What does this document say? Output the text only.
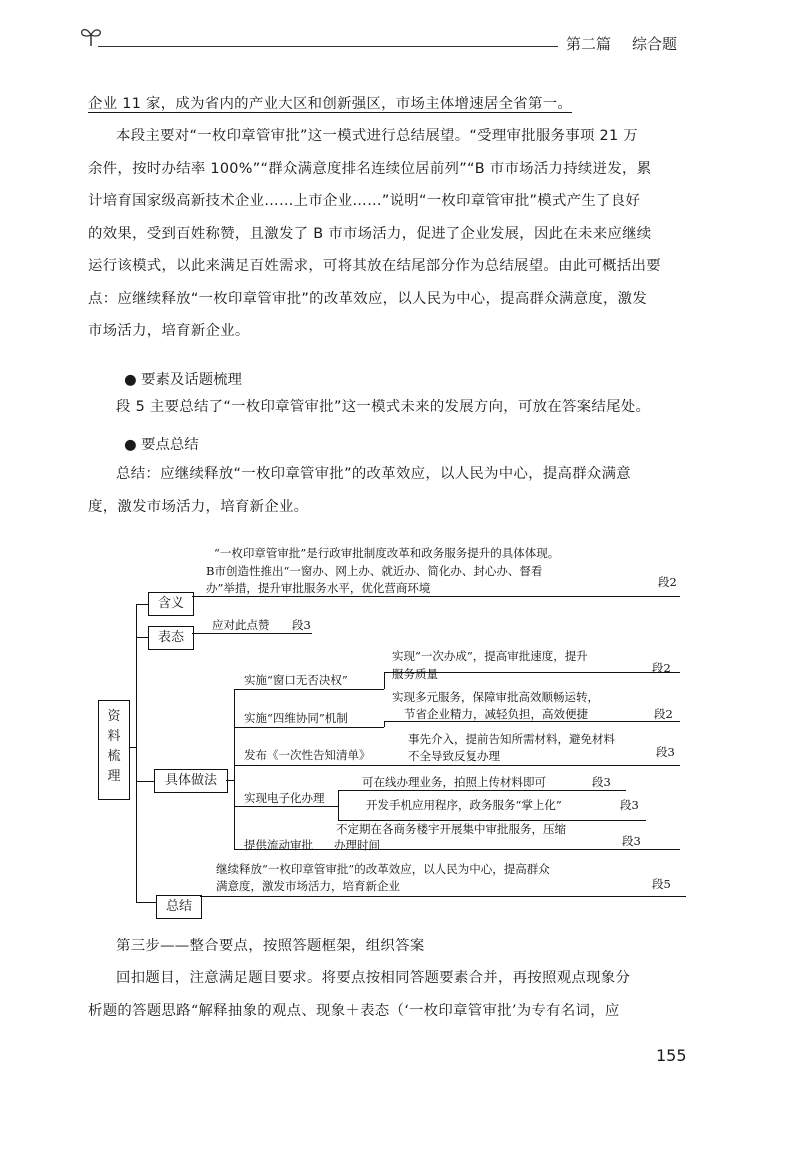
第二篇 综合题
企业 11 家，成为省内的产业大区和创新强区，市场主体增速居全省第一。
本段主要对“一枚印章管审批”这一模式进行总结展望。“受理审批服务事项 21 万
余件，按时办结率 100%”“群众满意度排名连续位居前列”“B 市市场活力持续迸发，累
计培育国家级高新技术企业……上市企业……”说明“一枚印章管审批”模式产生了良好
的效果，受到百姓称赞，且激发了 B 市市场活力，促进了企业发展，因此在未来应继续
运行该模式，以此来满足百姓需求，可将其放在结尾部分作为总结展望。由此可概括出要
点：应继续释放“一枚印章管审批”的改革效应，以人民为中心，提高群众满意度，激发
市场活力，培育新企业。
● 要素及话题梳理
段 5 主要总结了“一枚印章管审批”这一模式未来的发展方向，可放在答案结尾处。
● 要点总结
总结：应继续释放“一枚印章管审批”的改革效应，以人民为中心，提高群众满意
度，激发市场活力，培育新企业。
资
料
梳
理
含义
“一枚印章管审批”是行政审批制度改革和政务服务提升的具体体现。
B市创造性推出“一窗办、网上办、就近办、简化办、封心办、督看
办”举措，提升审批服务水平，优化营商环境	段2
表态
应对此点赞 段3
具体做法
实施“窗口无否决权”
实现“一次办成”，提高审批速度，提升
服务质量	段2
实施“四维协同”机制
实现多元服务，保障审批高效顺畅运转，
节省企业精力，减轻负担，高效便捷	段2
发布《一次性告知清单》
事先介入，提前告知所需材料，避免材料
不全导致反复办理	段3
实现电子化办理
可在线办理业务，拍照上传材料即可	段3
开发手机应用程序，政务服务“掌上化”	段3
提供流动审批
不定期在各商务楼宇开展集中审批服务，压缩
办理时间	段3
总结
继续释放“一枚印章管审批”的改革效应，以人民为中心，提高群众
满意度，激发市场活力，培育新企业	段5
第三步——整合要点，按照答题框架，组织答案
回扣题目，注意满足题目要求。将要点按相同答题要素合并，再按照观点现象分
析题的答题思路“解释抽象的观点、现象＋表态（‘一枚印章管审批’为专有名词，应
155
